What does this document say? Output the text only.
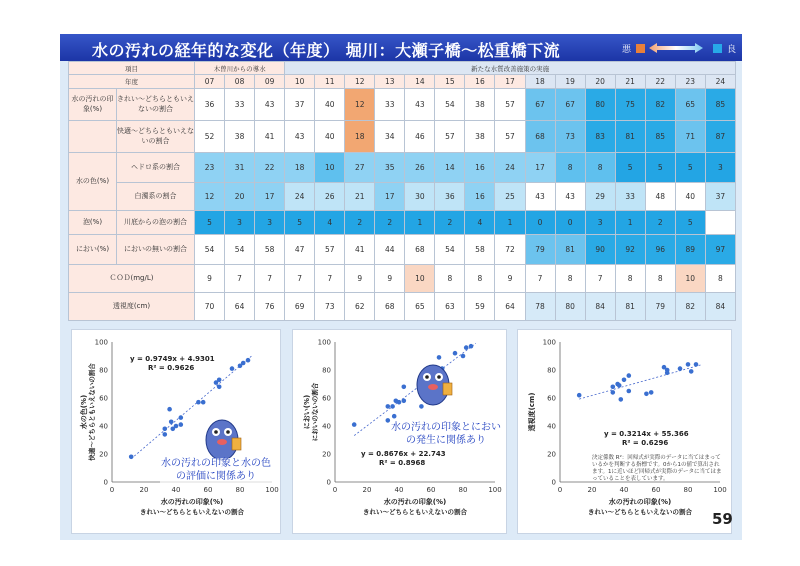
水の汚れの経年的な変化（年度） 堀川：大瀬子橋～松重橋下流	悪	良
項目		木曽川からの導水			新たな水質改善施策の実施														
年度		07	08	09	10	11	12	13	14	15	16	17	18	19	20	21	22	23	24
水の汚れの印象(%)	きれい～どちらともいえないの割合	36	33	43	37	40	12	33	43	54	38	57	67	67	80	75	82	65	85
	快適～どちらともいえないの割合	52	38	41	43	40	18	34	46	57	38	57	68	73	83	81	85	71	87
水の色(%)	ヘドロ系の割合	23	31	22	18	10	27	35	26	14	16	24	17	8	8	5	5	5	3
	白濁系の割合	12	20	17	24	26	21	17	30	36	16	25	43	43	29	33	48	40	37
泡(%)	川底からの泡の割合	5	3	3	5	4	2	2	1	2	4	1	0	0	3	1	2	5	
におい(%)	においの無いの割合	54	54	58	47	57	41	44	68	54	58	72	79	81	90	92	96	89	97
ＣＯＤ(mg/L)		9	7	7	7	7	9	9	10	8	8	9	7	8	7	8	8	10	8
透視度(cm)		70	64	76	69	73	62	68	65	63	59	64	78	80	84	81	79	82	84
0
20
40
60
80
100
0	20	40	60	80	100
水の汚れの印象(%)
きれい～どちらともいえないの割合
水の色(%) 快適～どちらともいえないの割合
y = 0.9749x + 4.9301
R² = 0.9626
水の汚れの印象と水の色の評価に関係あり
0
20
40
60
80
100
0	20	40	60	80	100
水の汚れの印象(%)
きれい～どちらともいえないの割合
におい(%) においのないの割合
y = 0.8676x + 22.743
R² = 0.8968
水の汚れの印象とにおいの発生に関係あり
0
20
40
60
80
100
0	20	40	60	80	100
水の汚れの印象(%)
きれい～どちらともいえないの割合
透視度(cm)
y = 0.3214x + 55.366
R² = 0.6296
決定係数 R²：回帰式が実際のデータに当てはまっているかを判断する指標です。0から1の値で算出されます。1に近いほど回帰式が実際のデータに当てはまっていることを表しています。
59
